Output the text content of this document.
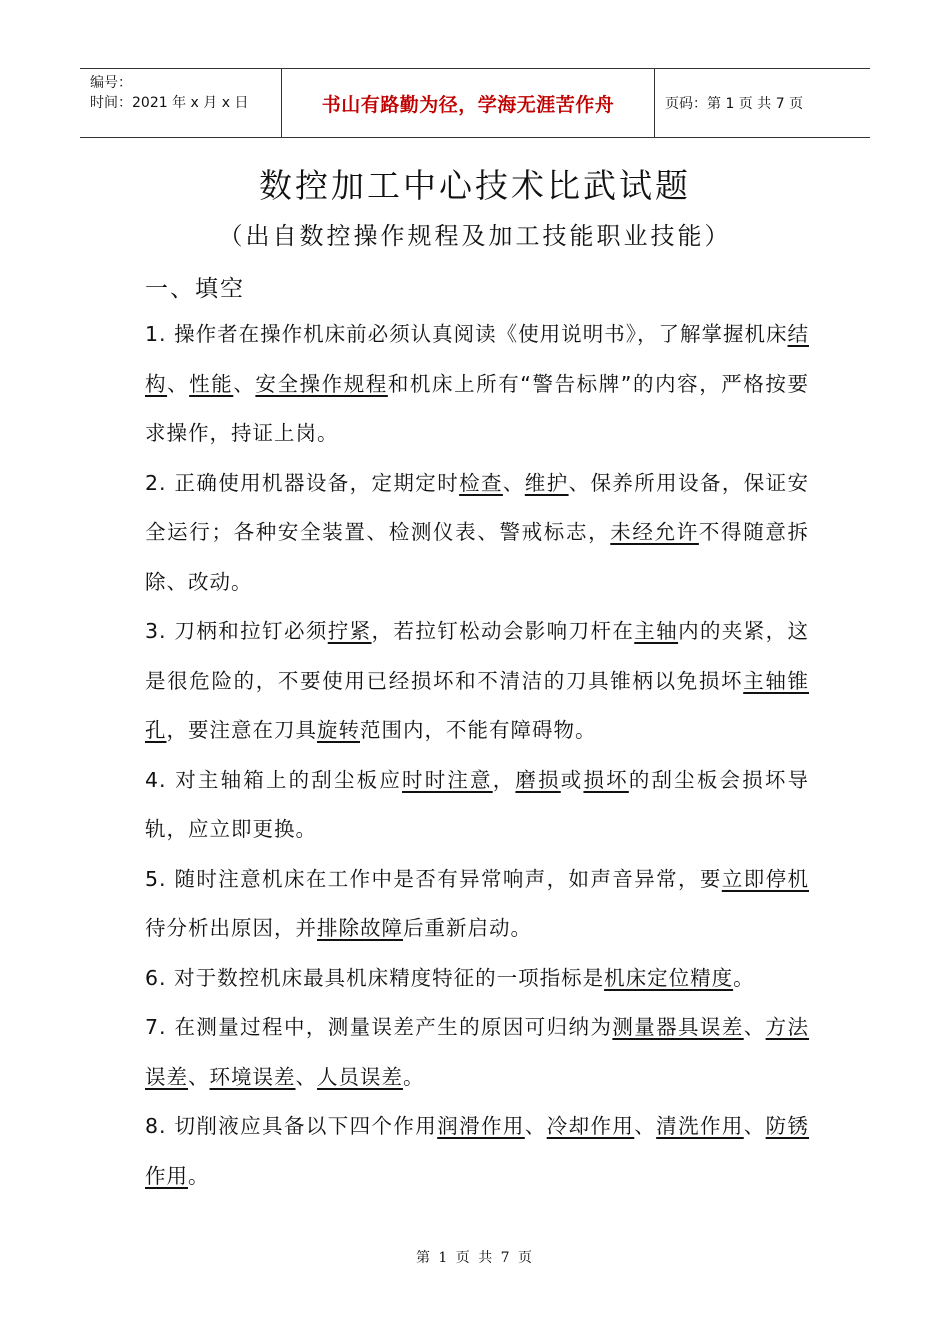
编号：
时间：2021 年 x 月 x 日	书山有路勤为径，学海无涯苦作舟	页码：第 1 页 共 7 页
数控加工中心技术比武试题
（出自数控操作规程及加工技能职业技能）
一、填空

1. 操作者在操作机床前必须认真阅读《使用说明书》，了解掌握机床结构、性能、安全操作规程和机床上所有“警告标牌”的内容，严格按要求操作，持证上岗。

2. 正确使用机器设备，定期定时检查、维护、保养所用设备，保证安全运行；各种安全装置、检测仪表、警戒标志，未经允许不得随意拆除、改动。

3. 刀柄和拉钉必须拧紧，若拉钉松动会影响刀杆在主轴内的夹紧，这是很危险的，不要使用已经损坏和不清洁的刀具锥柄以免损坏主轴锥孔，要注意在刀具旋转范围内，不能有障碍物。

4. 对主轴箱上的刮尘板应时时注意，磨损或损坏的刮尘板会损坏导轨，应立即更换。

5. 随时注意机床在工作中是否有异常响声，如声音异常，要立即停机待分析出原因，并排除故障后重新启动。

6. 对于数控机床最具机床精度特征的一项指标是机床定位精度。

7. 在测量过程中，测量误差产生的原因可归纳为测量器具误差、方法误差、环境误差、人员误差。

8. 切削液应具备以下四个作用润滑作用、冷却作用、清洗作用、防锈作用。

第 1 页 共 7 页
